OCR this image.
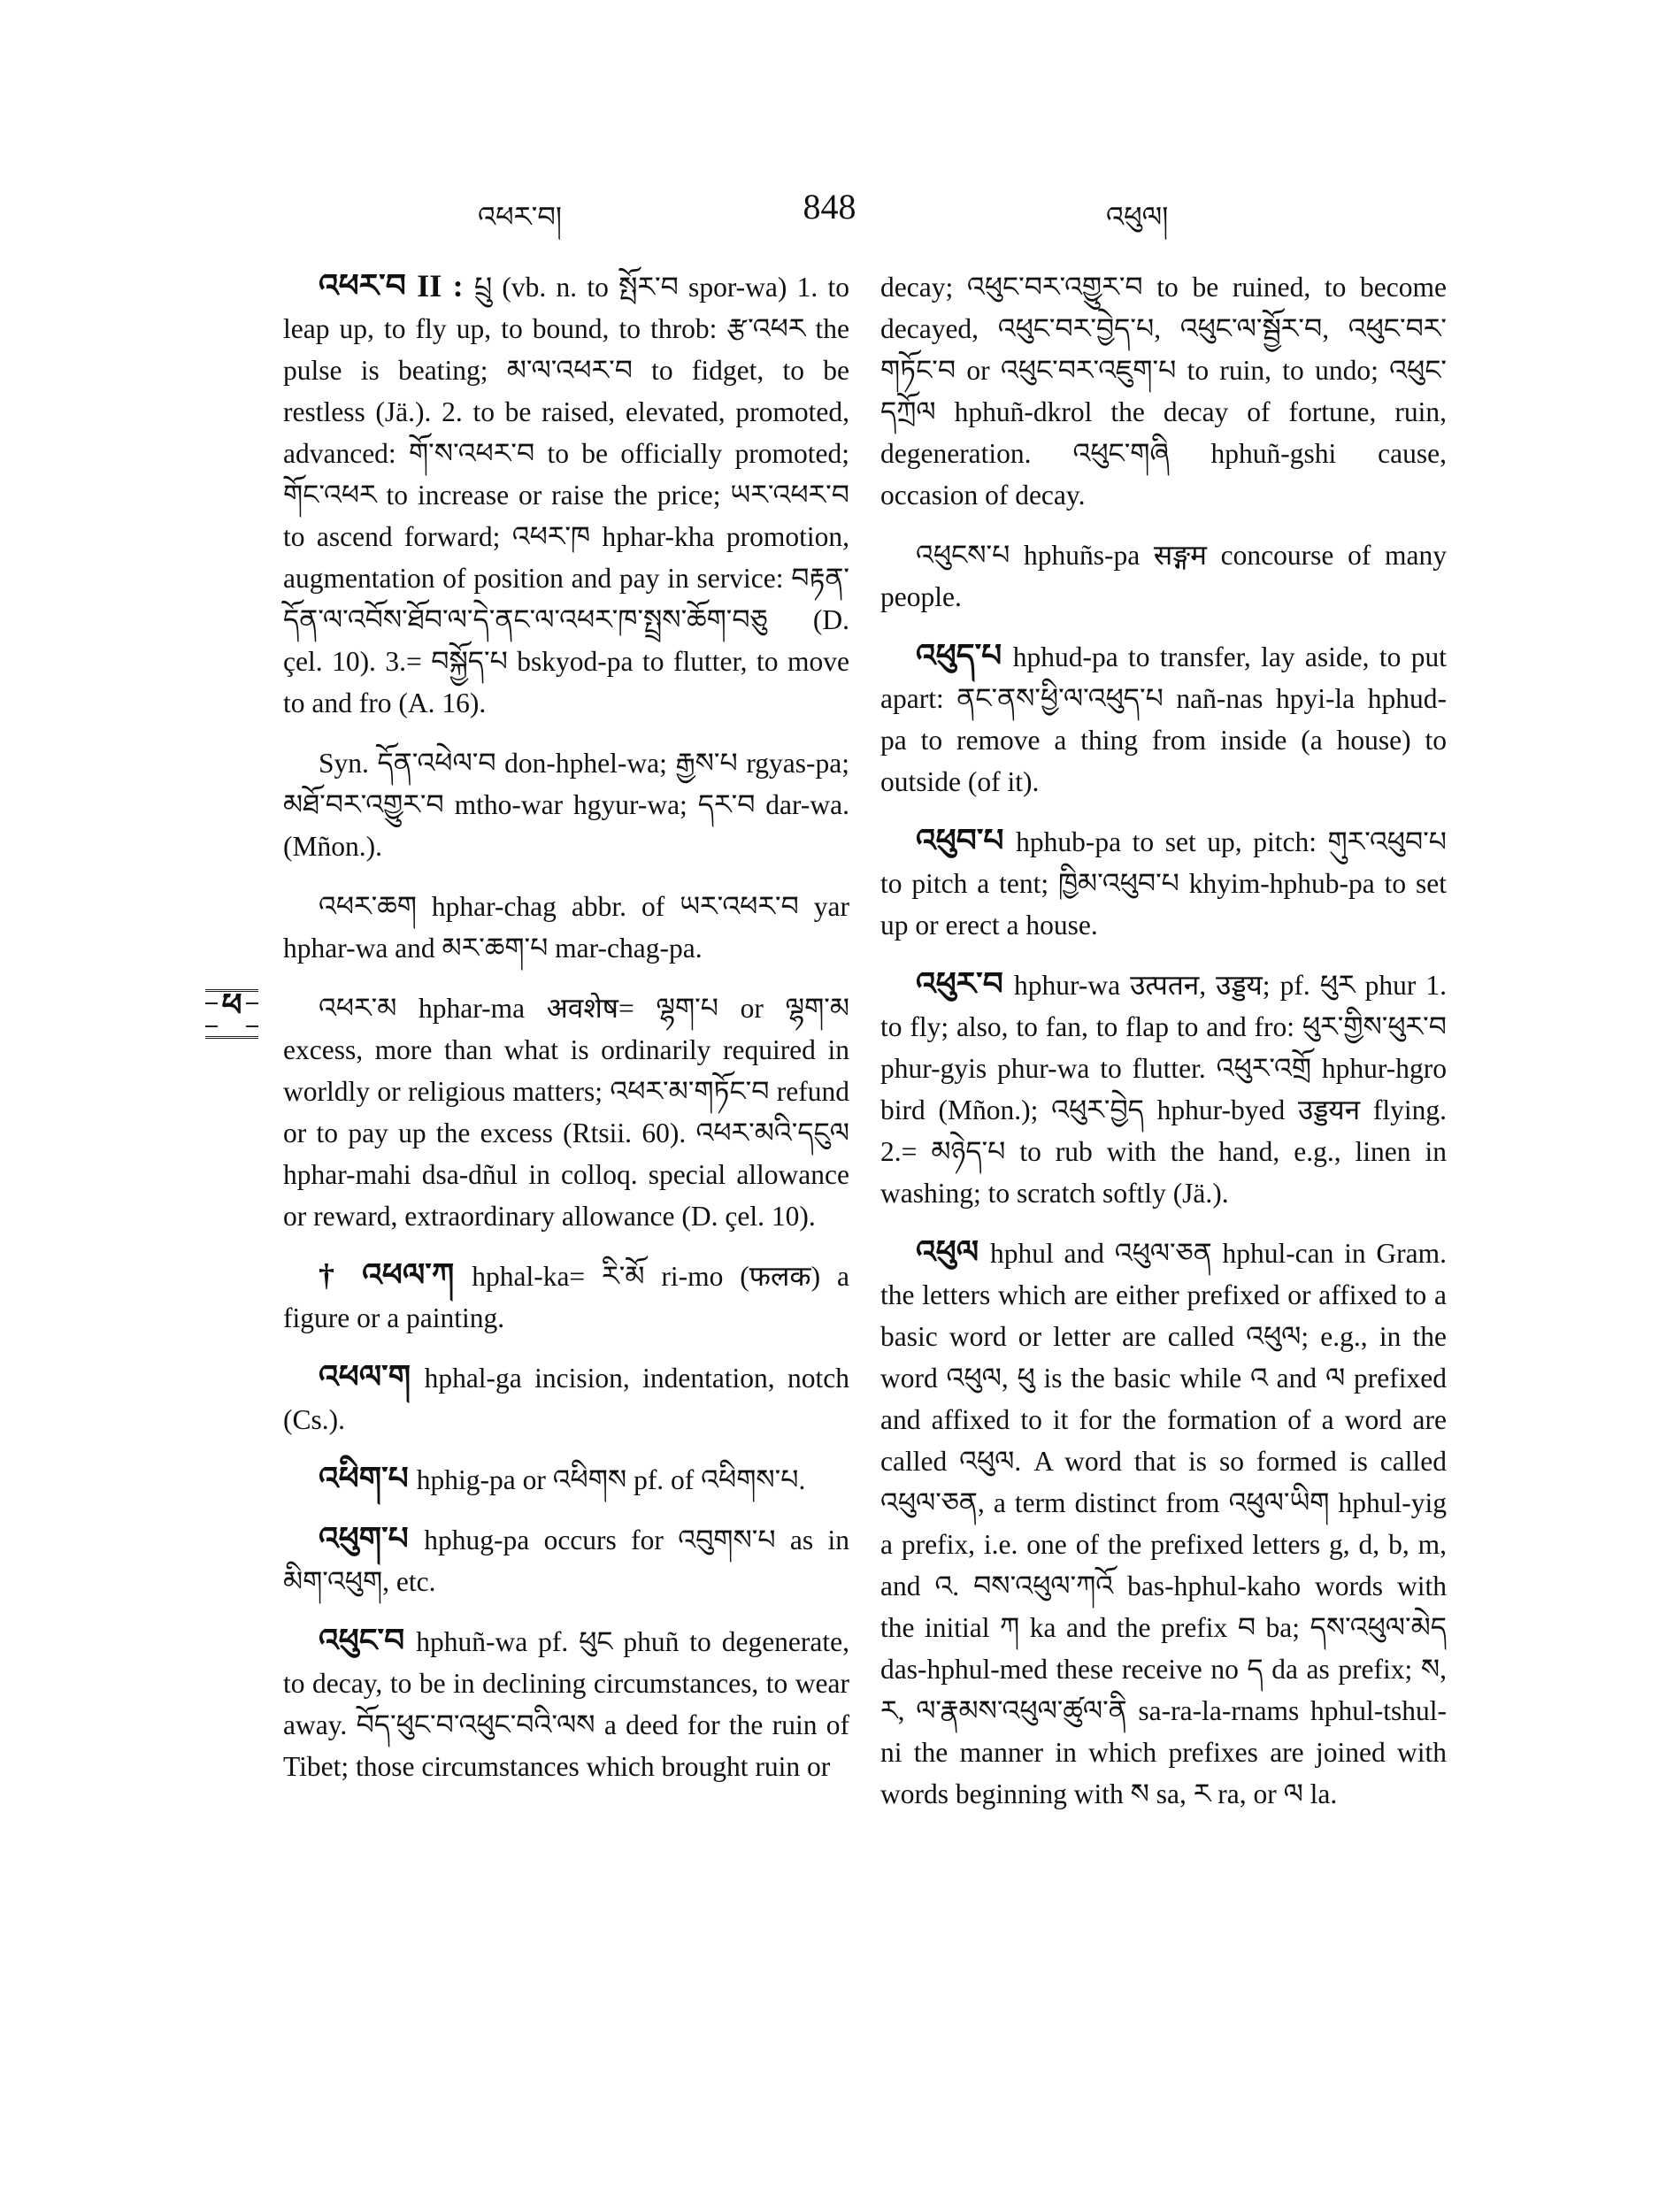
འཕར་བ།	848	འཕུལ།
ཕ

འཕར་བ II : པྲུ (vb. n. to སྤོར་བ spor-wa) 1. to leap up, to fly up, to bound, to throb: རྩ་འཕར the pulse is beating; མ་ལ་འཕར་བ to fidget, to be restless (Jä.). 2. to be raised, elevated, promoted, advanced: གོ་ས་འཕར་བ to be officially promoted; གོང་འཕར to increase or raise the price; ཡར་འཕར་བ to ascend forward; འཕར་ཁ hphar-kha promotion, augmentation of position and pay in service: བརྟན་དོན་ལ་འབོས་ཐོབ་ལ་དེ་ནང་ལ་འཕར་ཁ་སྤྲས་ཆོག་བཅུ (D. çel. 10). 3.= བསྐྱོད་པ bskyod-pa to flutter, to move to and fro (A. 16).

Syn. དོན་འཕེལ་བ don-hphel-wa; རྒྱས་པ rgyas-pa; མཐོ་བར་འགྱུར་བ mtho-war hgyur-wa; དར་བ dar-wa. (Mñon.).

འཕར་ཆག hphar-chag abbr. of ཡར་འཕར་བ yar hphar-wa and མར་ཆག་པ mar-chag-pa.

འཕར་མ hphar-ma अवशेष= ལྷག་པ or ལྷག་མ excess, more than what is ordinarily required in worldly or religious matters; འཕར་མ་གཏོང་བ refund or to pay up the excess (Rtsii. 60). འཕར་མའི་དངུལ hphar-mahi dsa-dñul in colloq. special allowance or reward, extraordinary allowance (D. çel. 10).

† འཕལ་ཀ hphal-ka= རི་མོ ri-mo (फलक) a figure or a painting.

འཕལ་ག hphal-ga incision, indentation, notch (Cs.).

འཕིག་པ hphig-pa or འཕིགས pf. of འཕིགས་པ.

འཕུག་པ hphug-pa occurs for འབུགས་པ as in མིག་འཕུག, etc.

འཕུང་བ hphuñ-wa pf. ཕུང phuñ to degenerate, to decay, to be in declining circumstances, to wear away. བོད་ཕུང་བ་འཕུང་བའི་ལས a deed for the ruin of Tibet; those circumstances which brought ruin or

decay; འཕུང་བར་འགྱུར་བ to be ruined, to become decayed, འཕུང་བར་བྱེད་པ, འཕུང་ལ་སྦྱོར་བ, འཕུང་བར་གཏོང་བ or འཕུང་བར་འཇུག་པ to ruin, to undo; འཕུང་དཀྲོལ hphuñ-dkrol the decay of fortune, ruin, degeneration. འཕུང་གཞི hphuñ-gshi cause, occasion of decay.

འཕུངས་པ hphuñs-pa सङ्गम concourse of many people.

འཕུད་པ hphud-pa to transfer, lay aside, to put apart: ནང་ནས་ཕྱི་ལ་འཕུད་པ nañ-nas hpyi-la hphud-pa to remove a thing from inside (a house) to outside (of it).

འཕུབ་པ hphub-pa to set up, pitch: གུར་འཕུབ་པ to pitch a tent; ཁྱིམ་འཕུབ་པ khyim-hphub-pa to set up or erect a house.

འཕུར་བ hphur-wa उत्पतन, उड्डय; pf. ཕུར phur 1. to fly; also, to fan, to flap to and fro: ཕུར་གྱིས་ཕུར་བ phur-gyis phur-wa to flutter. འཕུར་འགྲོ hphur-hgro bird (Mñon.); འཕུར་བྱེད hphur-byed उड्डयन flying. 2.= མཉེད་པ to rub with the hand, e.g., linen in washing; to scratch softly (Jä.).

འཕུལ hphul and འཕུལ་ཅན hphul-can in Gram. the letters which are either prefixed or affixed to a basic word or letter are called འཕུལ; e.g., in the word འཕུལ, ཕུ is the basic while འ and ལ prefixed and affixed to it for the formation of a word are called འཕུལ. A word that is so formed is called འཕུལ་ཅན, a term distinct from འཕུལ་ཡིག hphul-yig a prefix, i.e. one of the prefixed letters g, d, b, m, and འ. བས་འཕུལ་ཀའོ bas-hphul-kaho words with the initial ཀ ka and the prefix བ ba; དས་འཕུལ་མེད das-hphul-med these receive no ད da as prefix; ས, ར, ལ་རྣམས་འཕུལ་ཚུལ་ནི sa-ra-la-rnams hphul-tshul-ni the manner in which prefixes are joined with words beginning with ས sa, ར ra, or ལ la.
